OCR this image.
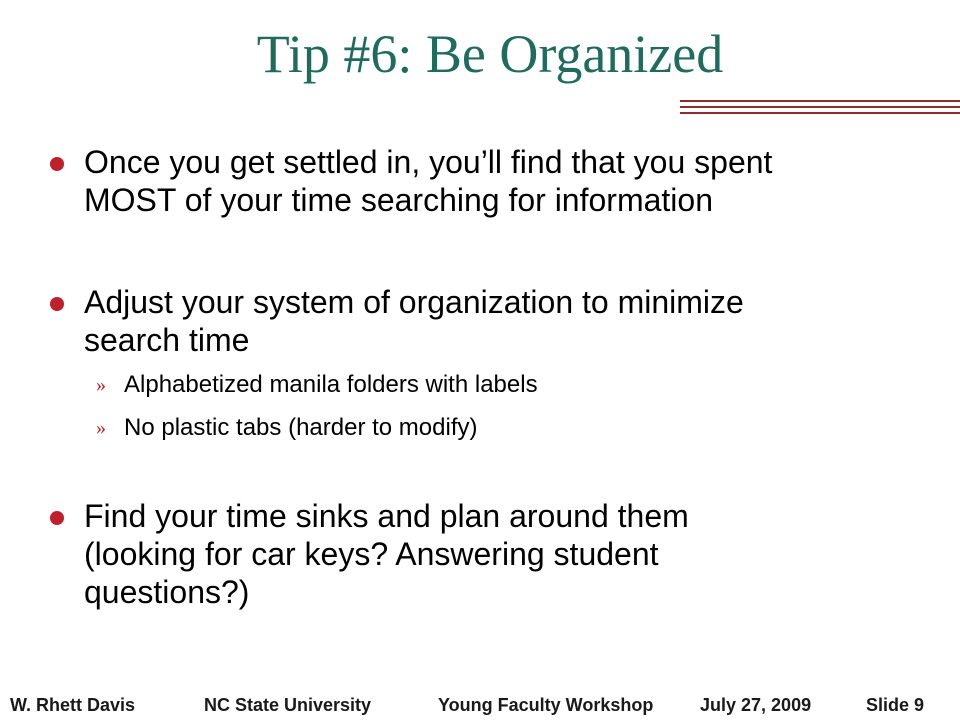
Tip #6: Be Organized
Once you get settled in, you’ll find that you spent
MOST of your time searching for information
Adjust your system of organization to minimize
search time
» Alphabetized manila folders with labels
» No plastic tabs (harder to modify)
Find your time sinks and plan around them
(looking for car keys? Answering student
questions?)
W. Rhett Davis	NC State University	Young Faculty Workshop	July 27, 2009	Slide 9
